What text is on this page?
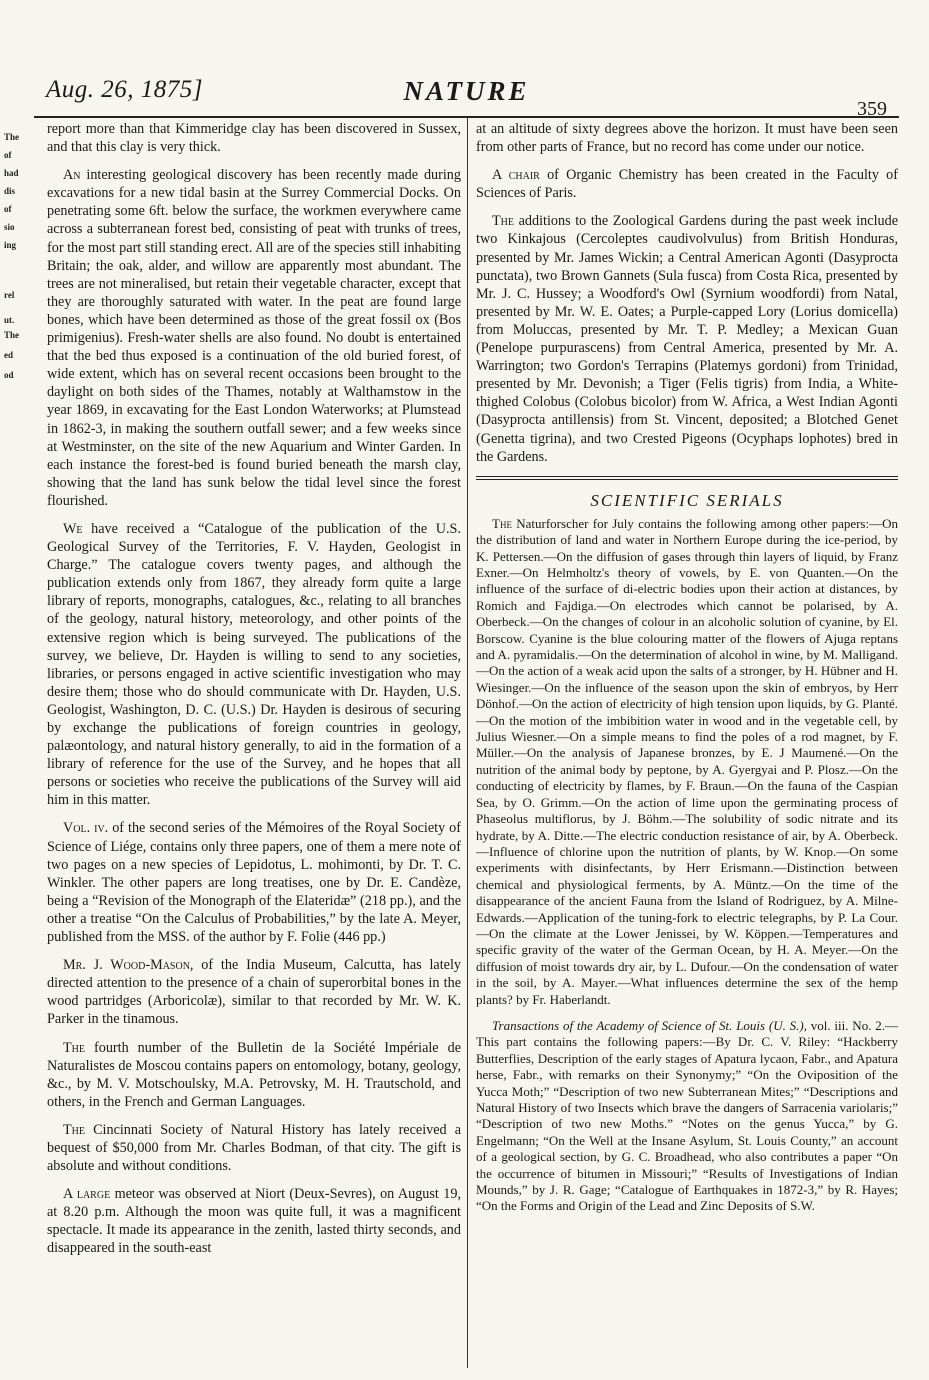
The
of
had
dis
of
sio
ing
rel
ut.
The
ed
od
Aug. 26, 1875]	NATURE
359

report more than that Kimmeridge clay has been discovered in Sussex, and that this clay is very thick.

An interesting geological discovery has been recently made during excavations for a new tidal basin at the Surrey Commercial Docks. On penetrating some 6ft. below the surface, the workmen everywhere came across a subterranean forest bed, consisting of peat with trunks of trees, for the most part still standing erect. All are of the species still inhabiting Britain; the oak, alder, and willow are apparently most abundant. The trees are not mineralised, but retain their vegetable character, except that they are thoroughly saturated with water. In the peat are found large bones, which have been determined as those of the great fossil ox (Bos primigenius). Fresh-water shells are also found. No doubt is entertained that the bed thus exposed is a continuation of the old buried forest, of wide extent, which has on several recent occasions been brought to the daylight on both sides of the Thames, notably at Walthamstow in the year 1869, in excavating for the East London Waterworks; at Plumstead in 1862-3, in making the southern outfall sewer; and a few weeks since at Westminster, on the site of the new Aquarium and Winter Garden. In each instance the forest-bed is found buried beneath the marsh clay, showing that the land has sunk below the tidal level since the forest flourished.

We have received a “Catalogue of the publication of the U.S. Geological Survey of the Territories, F. V. Hayden, Geologist in Charge.” The catalogue covers twenty pages, and although the publication extends only from 1867, they already form quite a large library of reports, monographs, catalogues, &c., relating to all branches of the geology, natural history, meteorology, and other points of the extensive region which is being surveyed. The publications of the survey, we believe, Dr. Hayden is willing to send to any societies, libraries, or persons engaged in active scientific investigation who may desire them; those who do should communicate with Dr. Hayden, U.S. Geologist, Washington, D. C. (U.S.) Dr. Hayden is desirous of securing by exchange the publications of foreign countries in geology, palæontology, and natural history generally, to aid in the formation of a library of reference for the use of the Survey, and he hopes that all persons or societies who receive the publications of the Survey will aid him in this matter.

Vol. iv. of the second series of the Mémoires of the Royal Society of Science of Liége, contains only three papers, one of them a mere note of two pages on a new species of Lepidotus, L. mohimonti, by Dr. T. C. Winkler. The other papers are long treatises, one by Dr. E. Candèze, being a “Revision of the Monograph of the Elateridæ” (218 pp.), and the other a treatise “On the Calculus of Probabilities,” by the late A. Meyer, published from the MSS. of the author by F. Folie (446 pp.)

Mr. J. Wood-Mason, of the India Museum, Calcutta, has lately directed attention to the presence of a chain of superorbital bones in the wood partridges (Arboricolæ), similar to that recorded by Mr. W. K. Parker in the tinamous.

The fourth number of the Bulletin de la Société Impériale de Naturalistes de Moscou contains papers on entomology, botany, geology, &c., by M. V. Motschoulsky, M.A. Petrovsky, M. H. Trautschold, and others, in the French and German Languages.

The Cincinnati Society of Natural History has lately received a bequest of $50,000 from Mr. Charles Bodman, of that city. The gift is absolute and without conditions.

A large meteor was observed at Niort (Deux-Sevres), on August 19, at 8.20 p.m. Although the moon was quite full, it was a magnificent spectacle. It made its appearance in the zenith, lasted thirty seconds, and disappeared in the south-east

at an altitude of sixty degrees above the horizon. It must have been seen from other parts of France, but no record has come under our notice.

A chair of Organic Chemistry has been created in the Faculty of Sciences of Paris.

The additions to the Zoological Gardens during the past week include two Kinkajous (Cercoleptes caudivolvulus) from British Honduras, presented by Mr. James Wickin; a Central American Agonti (Dasyprocta punctata), two Brown Gannets (Sula fusca) from Costa Rica, presented by Mr. J. C. Hussey; a Woodford's Owl (Syrnium woodfordi) from Natal, presented by Mr. W. E. Oates; a Purple-capped Lory (Lorius domicella) from Moluccas, presented by Mr. T. P. Medley; a Mexican Guan (Penelope purpurascens) from Central America, presented by Mr. A. Warrington; two Gordon's Terrapins (Platemys gordoni) from Trinidad, presented by Mr. Devonish; a Tiger (Felis tigris) from India, a White-thighed Colobus (Colobus bicolor) from W. Africa, a West Indian Agonti (Dasyprocta antillensis) from St. Vincent, deposited; a Blotched Genet (Genetta tigrina), and two Crested Pigeons (Ocyphaps lophotes) bred in the Gardens.

SCIENTIFIC SERIALS

The Naturforscher for July contains the following among other papers:—On the distribution of land and water in Northern Europe during the ice-period, by K. Pettersen.—On the diffusion of gases through thin layers of liquid, by Franz Exner.—On Helmholtz's theory of vowels, by E. von Quanten.—On the influence of the surface of di-electric bodies upon their action at distances, by Romich and Fajdiga.—On electrodes which cannot be polarised, by A. Oberbeck.—On the changes of colour in an alcoholic solution of cyanine, by El. Borscow. Cyanine is the blue colouring matter of the flowers of Ajuga reptans and A. pyramidalis.—On the determination of alcohol in wine, by M. Malligand.—On the action of a weak acid upon the salts of a stronger, by H. Hübner and H. Wiesinger.—On the influence of the season upon the skin of embryos, by Herr Dönhof.—On the action of electricity of high tension upon liquids, by G. Planté.—On the motion of the imbibition water in wood and in the vegetable cell, by Julius Wiesner.—On a simple means to find the poles of a rod magnet, by F. Müller.—On the analysis of Japanese bronzes, by E. J Maumené.—On the nutrition of the animal body by peptone, by A. Gyergyai and P. Plosz.—On the conducting of electricity by flames, by F. Braun.—On the fauna of the Caspian Sea, by O. Grimm.—On the action of lime upon the germinating process of Phaseolus multiflorus, by J. Böhm.—The solubility of sodic nitrate and its hydrate, by A. Ditte.—The electric conduction resistance of air, by A. Oberbeck.—Influence of chlorine upon the nutrition of plants, by W. Knop.—On some experiments with disinfectants, by Herr Erismann.—Distinction between chemical and physiological ferments, by A. Müntz.—On the time of the disappearance of the ancient Fauna from the Island of Rodriguez, by A. Milne-Edwards.—Application of the tuning-fork to electric telegraphs, by P. La Cour.—On the climate at the Lower Jenissei, by W. Köppen.—Temperatures and specific gravity of the water of the German Ocean, by H. A. Meyer.—On the diffusion of moist towards dry air, by L. Dufour.—On the condensation of water in the soil, by A. Mayer.—What influences determine the sex of the hemp plants? by Fr. Haberlandt.

Transactions of the Academy of Science of St. Louis (U. S.), vol. iii. No. 2.—This part contains the following papers:—By Dr. C. V. Riley: “Hackberry Butterflies, Description of the early stages of Apatura lycaon, Fabr., and Apatura herse, Fabr., with remarks on their Synonymy;” “On the Oviposition of the Yucca Moth;” “Description of two new Subterranean Mites;” “Descriptions and Natural History of two Insects which brave the dangers of Sarracenia variolaris;” “Description of two new Moths.” “Notes on the genus Yucca,” by G. Engelmann; “On the Well at the Insane Asylum, St. Louis County,” an account of a geological section, by G. C. Broadhead, who also contributes a paper “On the occurrence of bitumen in Missouri;” “Results of Investigations of Indian Mounds,” by J. R. Gage; “Catalogue of Earthquakes in 1872-3,” by R. Hayes; “On the Forms and Origin of the Lead and Zinc Deposits of S.W.
